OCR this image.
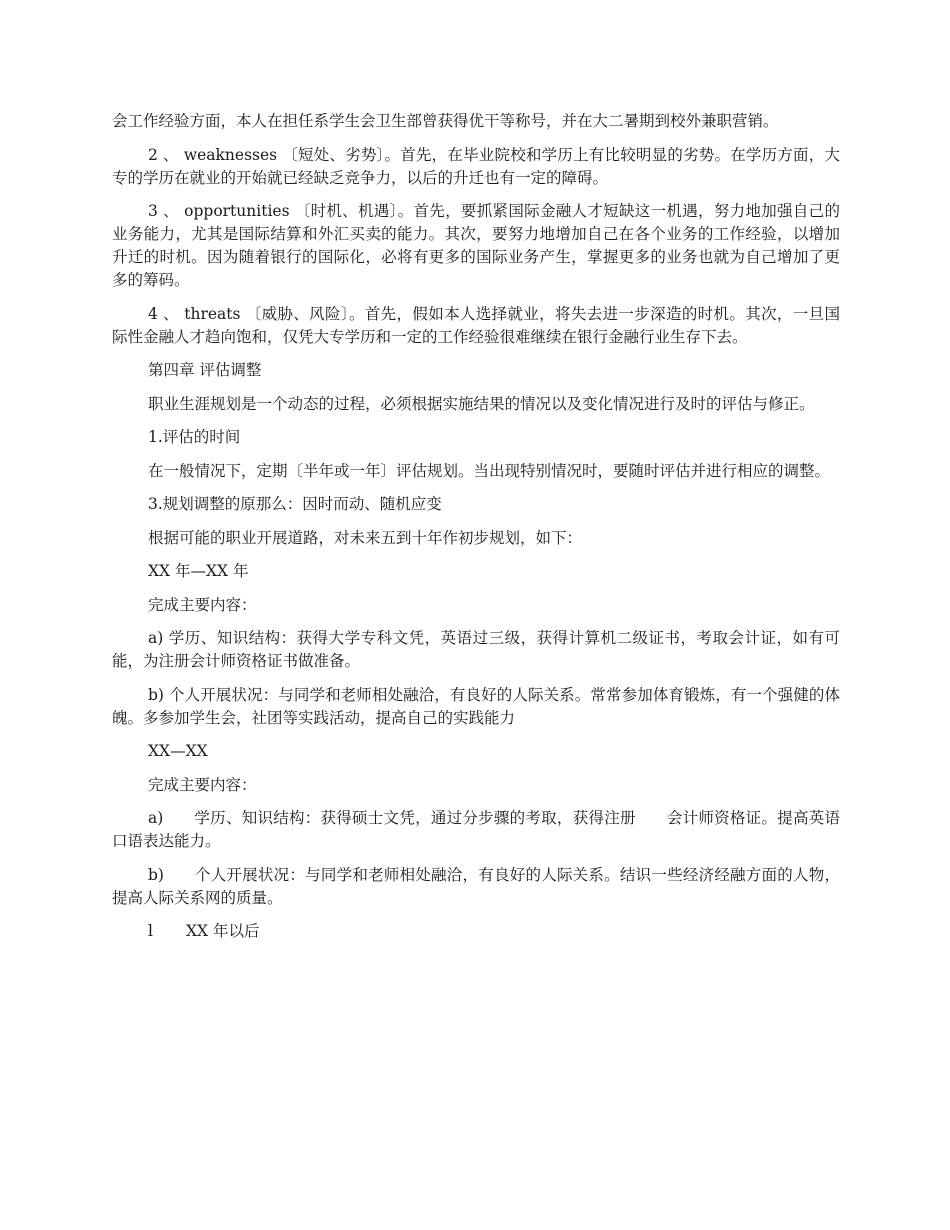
会工作经验方面，本人在担任系学生会卫生部曾获得优干等称号，并在大二暑期到校外兼职营销。

2 、 weaknesses 〔短处、劣势〕。首先，在毕业院校和学历上有比较明显的劣势。在学历方面，大专的学历在就业的开始就已经缺乏竞争力，以后的升迁也有一定的障碍。

3 、 opportunities 〔时机、机遇〕。首先，要抓紧国际金融人才短缺这一机遇，努力地加强自己的业务能力，尤其是国际结算和外汇买卖的能力。其次，要努力地增加自己在各个业务的工作经验，以增加升迁的时机。因为随着银行的国际化，必将有更多的国际业务产生，掌握更多的业务也就为自己增加了更多的筹码。

4 、 threats 〔威胁、风险〕。首先，假如本人选择就业，将失去进一步深造的时机。其次，一旦国际性金融人才趋向饱和，仅凭大专学历和一定的工作经验很难继续在银行金融行业生存下去。

第四章 评估调整

职业生涯规划是一个动态的过程，必须根据实施结果的情况以及变化情况进行及时的评估与修正。

1.评估的时间

在一般情况下，定期〔半年或一年〕评估规划。当出现特别情况时，要随时评估并进行相应的调整。

3.规划调整的原那么：因时而动、随机应变

根据可能的职业开展道路，对未来五到十年作初步规划，如下：

XX 年—XX 年

完成主要内容：

a) 学历、知识结构：获得大学专科文凭，英语过三级，获得计算机二级证书，考取会计证，如有可能，为注册会计师资格证书做准备。

b) 个人开展状况：与同学和老师相处融洽，有良好的人际关系。常常参加体育锻炼，有一个强健的体魄。多参加学生会，社团等实践活动，提高自己的实践能力

XX—XX

完成主要内容：

a)      学历、知识结构：获得硕士文凭，通过分步骤的考取，获得注册      会计师资格证。提高英语口语表达能力。

b)      个人开展状况：与同学和老师相处融洽，有良好的人际关系。结识一些经济经融方面的人物，提高人际关系网的质量。

l	XX 年以后
